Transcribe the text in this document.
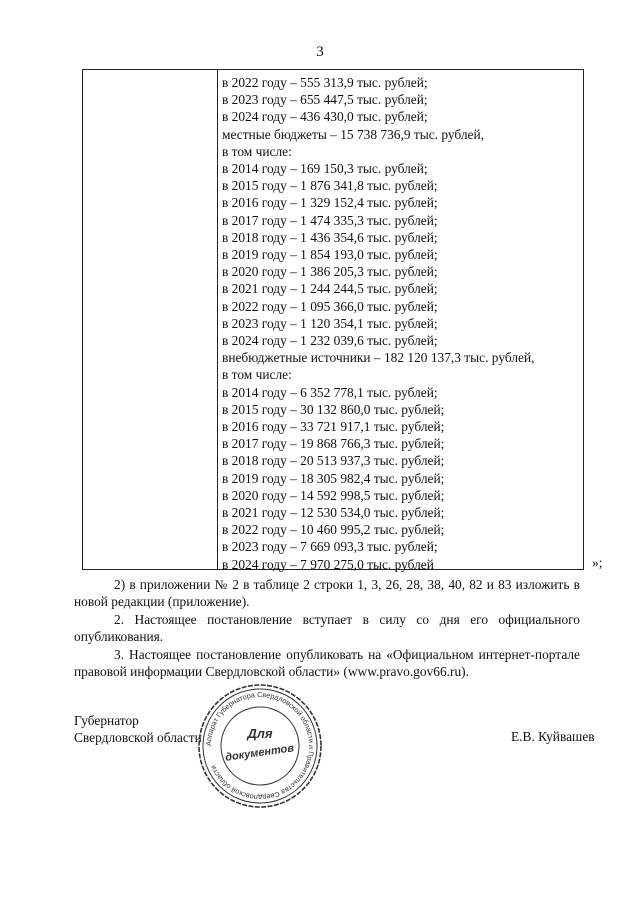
3
в 2022 году – 555 313,9 тыс. рублей;
в 2023 году – 655 447,5 тыс. рублей;
в 2024 году – 436 430,0 тыс. рублей;
местные бюджеты – 15 738 736,9 тыс. рублей,
в том числе:
в 2014 году – 169 150,3 тыс. рублей;
в 2015 году – 1 876 341,8 тыс. рублей;
в 2016 году – 1 329 152,4 тыс. рублей;
в 2017 году – 1 474 335,3 тыс. рублей;
в 2018 году – 1 436 354,6 тыс. рублей;
в 2019 году – 1 854 193,0 тыс. рублей;
в 2020 году – 1 386 205,3 тыс. рублей;
в 2021 году – 1 244 244,5 тыс. рублей;
в 2022 году – 1 095 366,0 тыс. рублей;
в 2023 году – 1 120 354,1 тыс. рублей;
в 2024 году – 1 232 039,6 тыс. рублей;
внебюджетные источники – 182 120 137,3 тыс. рублей,
в том числе:
в 2014 году – 6 352 778,1 тыс. рублей;
в 2015 году – 30 132 860,0 тыс. рублей;
в 2016 году – 33 721 917,1 тыс. рублей;
в 2017 году – 19 868 766,3 тыс. рублей;
в 2018 году – 20 513 937,3 тыс. рублей;
в 2019 году – 18 305 982,4 тыс. рублей;
в 2020 году – 14 592 998,5 тыс. рублей;
в 2021 году – 12 530 534,0 тыс. рублей;
в 2022 году – 10 460 995,2 тыс. рублей;
в 2023 году – 7 669 093,3 тыс. рублей;
в 2024 году – 7 970 275,0 тыс. рублей	»;
2) в приложении № 2 в таблице 2 строки 1, 3, 26, 28, 38, 40, 82 и 83 изложить в новой редакции (приложение).
2. Настоящее постановление вступает в силу со дня его официального опубликования.
3. Настоящее постановление опубликовать на «Официальном интернет-портале правовой информации Свердловской области» (www.pravo.gov66.ru).
Губернатор
Свердловской области	Е.В. Куйвашев
Аппарат Губернатора Свердловской области и Правительства Свердловской области
Для
документов
